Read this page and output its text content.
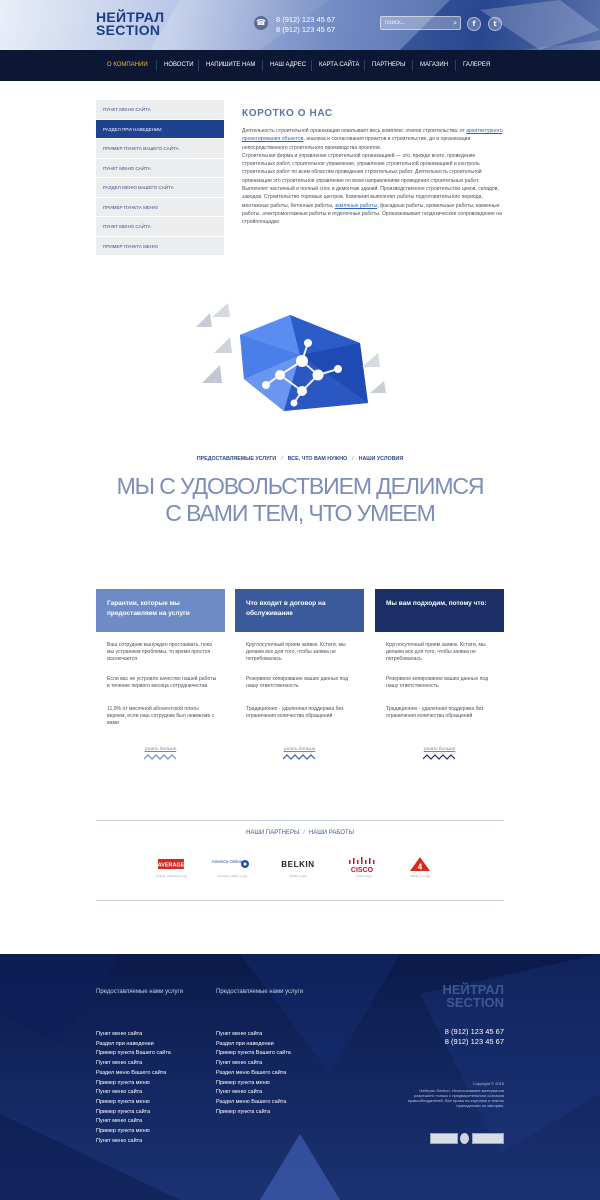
НЕЙТРАЛ
SECTION	☎ 8 (912) 123 45 67
8 (912) 123 45 67
поиск...
⌕	f	t
О КОМПАНИИ	НОВОСТИ НАПИШИТЕ НАМ НАШ АДРЕС КАРТА САЙТА ПАРТНЕРЫ МАГАЗИН ГАЛЕРЕЯ
ПУНКТ МЕНЮ САЙТА
РАЗДЕЛ ПРИ НАВЕДЕНИИ
ПРИМЕР ПУНКТА ВАШЕГО САЙТА
ПУНКТ МЕНЮ САЙТА
РАЗДЕЛ МЕНЮ ВАШЕГО САЙТА
ПРИМЕР ПУНКТА МЕНЮ
ПУНКТ МЕНЮ САЙТА
ПРИМЕР ПУНКТА МЕНЮ
КОРОТКО О НАС

Деятельность строительной организации охватывает весь комплекс этапов строительства: от архитектурного проектирования объектов, анализа и согласования проектов в строительстве, до и организации непосредственного строительного производства проектов.

Строительная фирма и управление строительной организацией — это, прежде всего, проведение строительных работ, строительное управление, управление строительной организацией и контроль строительных работ по всем областям проведения строительных работ. Деятельность строительной организации это строительное управление по всем направлениям проведения строительных работ.

Выполняет частичный и полный снос и демонтаж зданий. Производственное строительство цехов, складов, заводов. Строительство торговых центров. Компания выполняет работы подготовительного периода, монтажные работы, бетонные работы, земляные работы, фасадные работы, кровельные работы, каменные работы, электромонтажные работы и отделочные работы. Организовывает геодезическое сопровождение на стройплощадке.

ПРЕДОСТАВЛЯЕМЫЕ УСЛУГИ / ВСЕ, ЧТО ВАМ НУЖНО / НАШИ УСЛОВИЯ
МЫ С УДОВОЛЬСТВИЕМ ДЕЛИМСЯ
С ВАМИ ТЕМ, ЧТО УМЕЕМ
Гарантии, которые мы предоставляем на услуги
Ваш сотрудник вынужден простаивать, пока мы устраняем проблемы, то время простоя исключается
Если вас не устроило качество нашей работы в течение первого месяца сотрудничества
11,9% от месячной абонентской платы вернем, если наш сотрудник был невежлив с вами
узнать больше
Что входит в договор на обслуживание
Круглосуточный прием заявок. Кстати, мы делаем все для того, чтобы заявка не потребовалась
Резервное копирование ваших данных под нашу ответственность
Традиционно - удаленная поддержка без ограничения количества обращений
узнать больше
Мы вам подходим, потому что:
Круглосуточный прием заявок. Кстати, мы делаем все для того, чтобы заявка не потребовалась
Резервное копирование ваших данных под нашу ответственность
Традиционно - удаленная поддержка без ограничения количества обращений
узнать больше
НАШИ ПАРТНЕРЫ / НАШИ РАБОТЫ
AVERAGE
Новый_Vetfound.ru.jpg
America Online
America_Online.ru.jpg
BELKIN
Belkin.ru.jpg
CISCO
Cisco.ru.jpg
4
Made_4.ru.jpg
Предоставляемые нами услуги
Пункт меню сайта
Раздел при наведении
Пример пункта Вашего сайта
Пункт меню сайта
Раздел меню Вашего сайта
Пример пункта меню
Пункт меню сайта
Пример пункта меню
Пример пункта сайта
Пункт меню сайта
Пример пункта меню
Пункт меню сайта
Предоставляемые нами услуги
Пункт меню сайта
Раздел при наведении
Пример пункта Вашего сайта
Пункт меню сайта
Раздел меню Вашего сайта
Пример пункта меню
Пункт меню сайта
Раздел меню Вашего сайта
Пример пункта сайта
НЕЙТРАЛ
SECTION
8 (912) 123 45 67
8 (912) 123 45 67
Copyright © 2015
Нейтрал Section. Использование материалов разрешено только с предварительного согласия правообладателей. Все права на картинки и тексты принадлежат их авторам.
